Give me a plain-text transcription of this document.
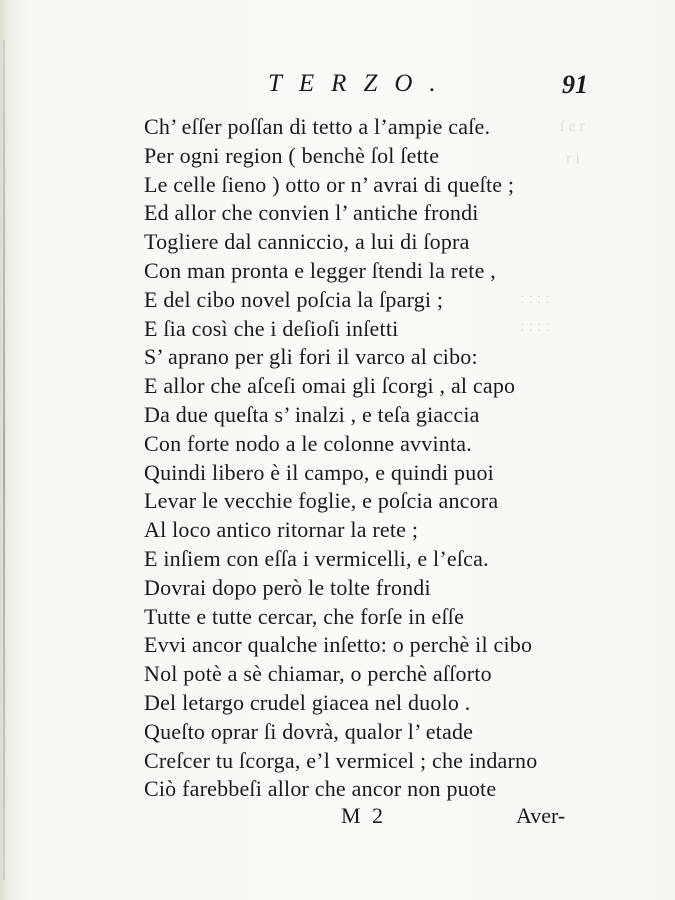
ſ e r
r i
: : : :
: : : :
TERZO.	91
Ch’ eſſer poſſan di tetto a l’ampie caſe.
Per ogni region ( benchè ſol ſette
Le celle ſieno ) otto or n’ avrai di queſte ;
Ed allor che convien l’ antiche frondi
Togliere dal canniccio, a lui di ſopra
Con man pronta e legger ſtendi la rete ,
E del cibo novel poſcia la ſpargi ;
E ſia così che i deſioſi inſetti
S’ aprano per gli fori il varco al cibo:
E allor che aſceſi omai gli ſcorgi , al capo
Da due queſta s’ inalzi , e teſa giaccia
Con forte nodo a le colonne avvinta.
Quindi libero è il campo, e quindi puoi
Levar le vecchie foglie, e poſcia ancora
Al loco antico ritornar la rete ;
E inſiem con eſſa i vermicelli, e l’eſca.
Dovrai dopo però le tolte frondi
Tutte e tutte cercar, che forſe in eſſe
Evvi ancor qualche inſetto: o perchè il cibo
Nol potè a sè chiamar, o perchè aſſorto
Del letargo crudel giacea nel duolo .
Queſto oprar ſi dovrà, qualor l’ etade
Creſcer tu ſcorga, e’l vermicel ; che indarno
Ciò farebbeſi allor che ancor non puote
M 2	Aver-
